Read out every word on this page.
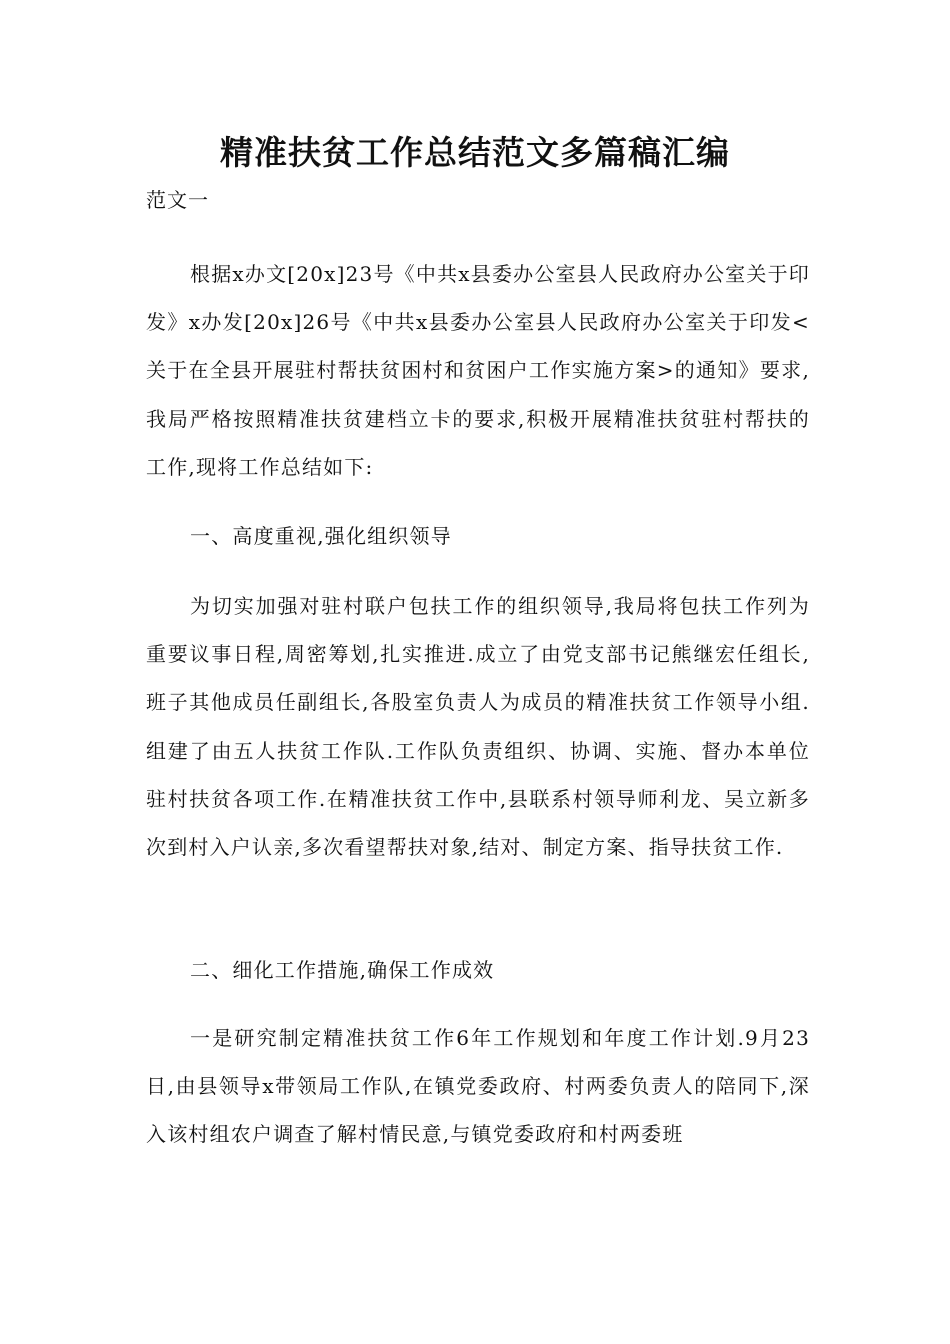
精准扶贫工作总结范文多篇稿汇编

范文一

根据x办文[20x]23号《中共x县委办公室县人民政府办公室关于印发》x办发[20x]26号《中共x县委办公室县人民政府办公室关于印发<关于在全县开展驻村帮扶贫困村和贫困户工作实施方案>的通知》要求,我局严格按照精准扶贫建档立卡的要求,积极开展精准扶贫驻村帮扶的工作,现将工作总结如下:

一、高度重视,强化组织领导

为切实加强对驻村联户包扶工作的组织领导,我局将包扶工作列为重要议事日程,周密筹划,扎实推进.成立了由党支部书记熊继宏任组长,班子其他成员任副组长,各股室负责人为成员的精准扶贫工作领导小组.组建了由五人扶贫工作队.工作队负责组织、协调、实施、督办本单位驻村扶贫各项工作.在精准扶贫工作中,县联系村领导师利龙、吴立新多次到村入户认亲,多次看望帮扶对象,结对、制定方案、指导扶贫工作.

二、细化工作措施,确保工作成效

一是研究制定精准扶贫工作6年工作规划和年度工作计划.9月23日,由县领导x带领局工作队,在镇党委政府、村两委负责人的陪同下,深入该村组农户调查了解村情民意,与镇党委政府和村两委班
